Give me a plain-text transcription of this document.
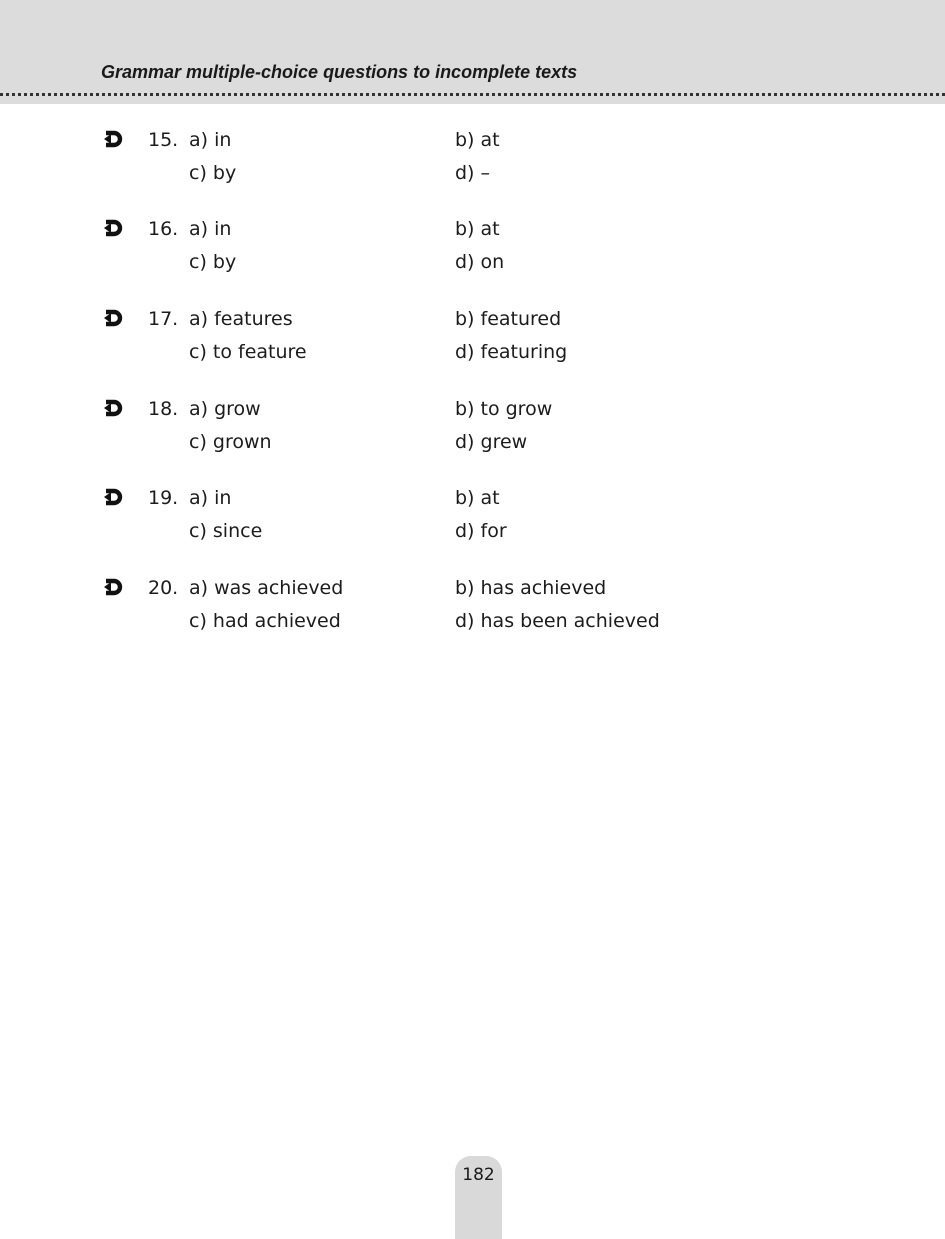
Grammar multiple-choice questions to incomplete texts
15. a) in	b) at
c) by	d) –
16. a) in	b) at
c) by	d) on
17. a) features	b) featured
c) to feature	d) featuring
18. a) grow	b) to grow
c) grown	d) grew
19. a) in	b) at
c) since	d) for
20. a) was achieved	b) has achieved
c) had achieved	d) has been achieved
182
